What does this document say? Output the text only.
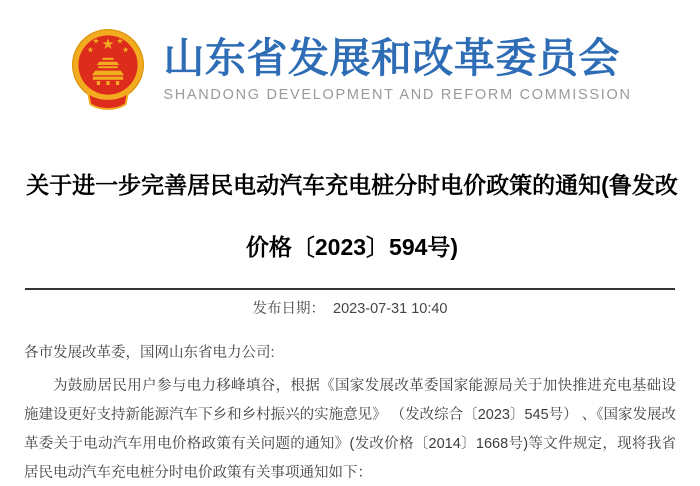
山东省发展和改革委员会
SHANDONG DEVELOPMENT AND REFORM COMMISSION
关于进一步完善居民电动汽车充电桩分时电价政策的通知(鲁发改价格〔2023〕594号)
发布日期： 2023-07-31 10:40

各市发展改革委，国网山东省电力公司:

为鼓励居民用户参与电力移峰填谷，根据《国家发展改革委国家能源局关于加快推进充电基础设施建设更好支持新能源汽车下乡和乡村振兴的实施意见》 （发改综合〔2023〕545号） 、《国家发展改革委关于电动汽车用电价格政策有关问题的通知》(发改价格〔2014〕1668号)等文件规定，现将我省居民电动汽车充电桩分时电价政策有关事项通知如下：
